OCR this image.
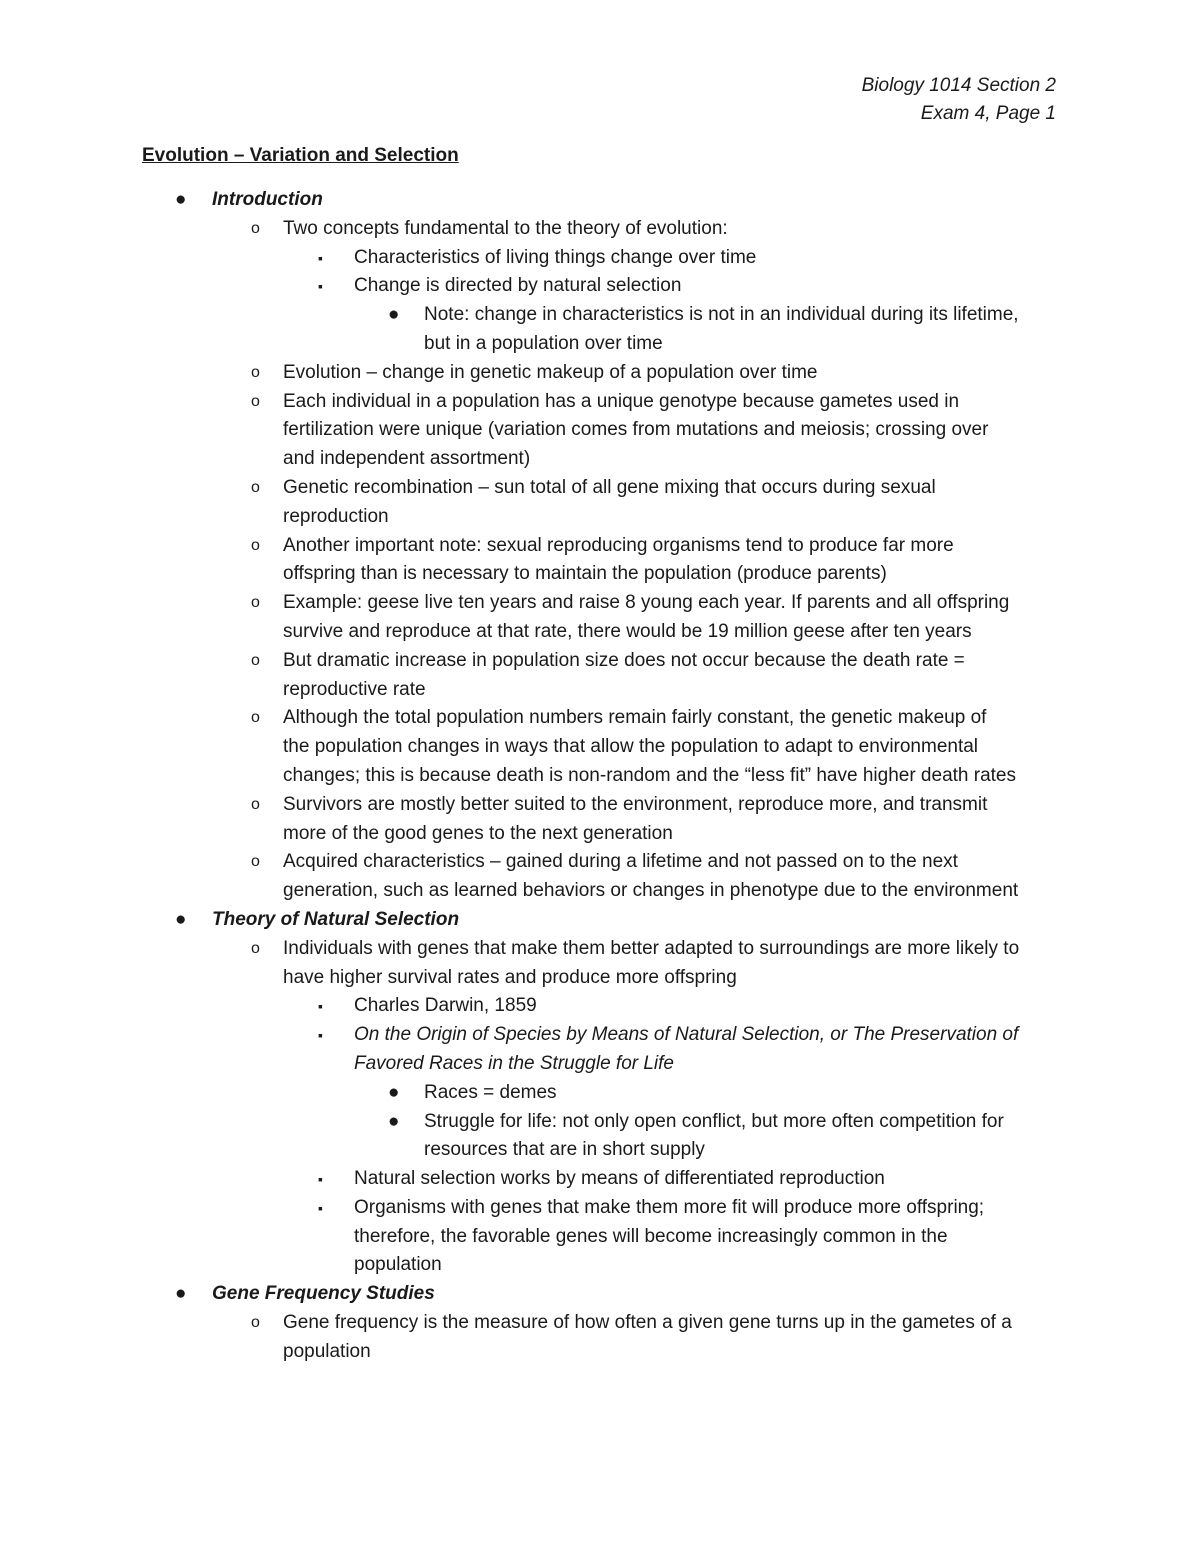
Biology 1014 Section 2
Exam 4, Page 1
Evolution – Variation and Selection
● Introduction
o Two concepts fundamental to the theory of evolution:
▪ Characteristics of living things change over time
▪ Change is directed by natural selection
● Note: change in characteristics is not in an individual during its lifetime,
but in a population over time
o Evolution – change in genetic makeup of a population over time
o Each individual in a population has a unique genotype because gametes used in
fertilization were unique (variation comes from mutations and meiosis; crossing over
and independent assortment)
o Genetic recombination – sun total of all gene mixing that occurs during sexual
reproduction
o Another important note: sexual reproducing organisms tend to produce far more
offspring than is necessary to maintain the population (produce parents)
o Example: geese live ten years and raise 8 young each year. If parents and all offspring
survive and reproduce at that rate, there would be 19 million geese after ten years
o But dramatic increase in population size does not occur because the death rate =
reproductive rate
o Although the total population numbers remain fairly constant, the genetic makeup of
the population changes in ways that allow the population to adapt to environmental
changes; this is because death is non-random and the “less fit” have higher death rates
o Survivors are mostly better suited to the environment, reproduce more, and transmit
more of the good genes to the next generation
o Acquired characteristics – gained during a lifetime and not passed on to the next
generation, such as learned behaviors or changes in phenotype due to the environment
● Theory of Natural Selection
o Individuals with genes that make them better adapted to surroundings are more likely to
have higher survival rates and produce more offspring
▪ Charles Darwin, 1859
▪ On the Origin of Species by Means of Natural Selection, or The Preservation of
Favored Races in the Struggle for Life
● Races = demes
● Struggle for life: not only open conflict, but more often competition for
resources that are in short supply
▪ Natural selection works by means of differentiated reproduction
▪ Organisms with genes that make them more fit will produce more offspring;
therefore, the favorable genes will become increasingly common in the
population
● Gene Frequency Studies
o Gene frequency is the measure of how often a given gene turns up in the gametes of a
population
